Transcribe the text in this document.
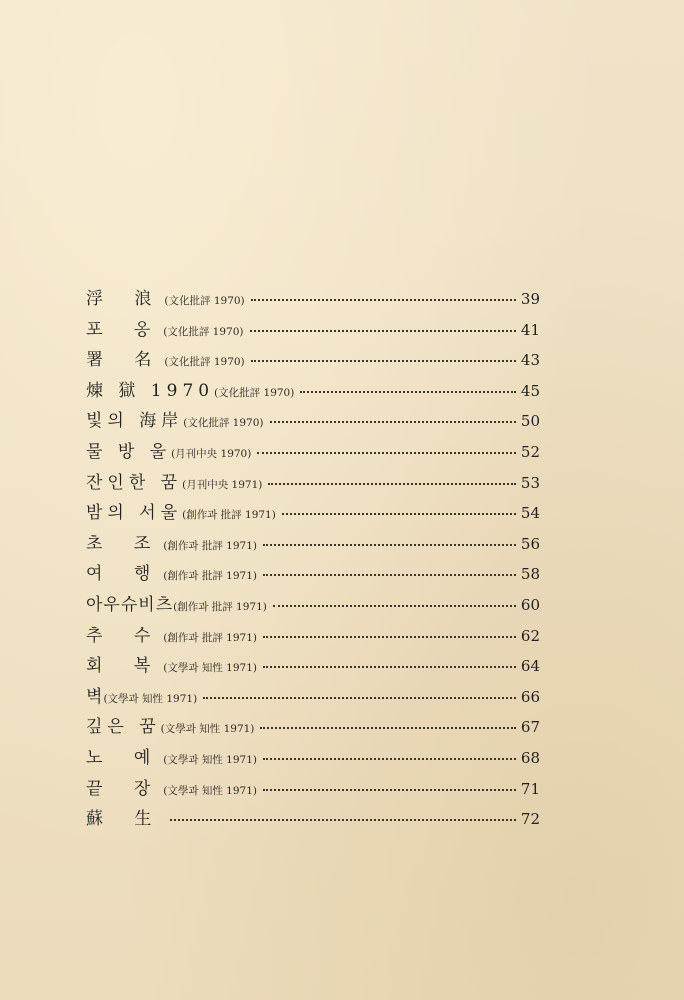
浮 浪 (文化批評 1970)	39
포 옹 (文化批評 1970)	41
署 名 (文化批評 1970)	43
煉 獄 1970 (文化批評 1970)	45
빛의 海岸 (文化批評 1970)	50
물 방 울 (月刊中央 1970)	52
잔인한 꿈 (月刊中央 1971)	53
밤의 서울 (創作과 批評 1971)	54
초 조 (創作과 批評 1971)	56
여 행 (創作과 批評 1971)	58
아우슈비츠 (創作과 批評 1971)	60
추 수 (創作과 批評 1971)	62
회 복 (文學과 知性 1971)	64
벽 (文學과 知性 1971)	66
깊은 꿈 (文學과 知性 1971)	67
노 예 (文學과 知性 1971)	68
끝 장 (文學과 知性 1971)	71
蘇 生	72
